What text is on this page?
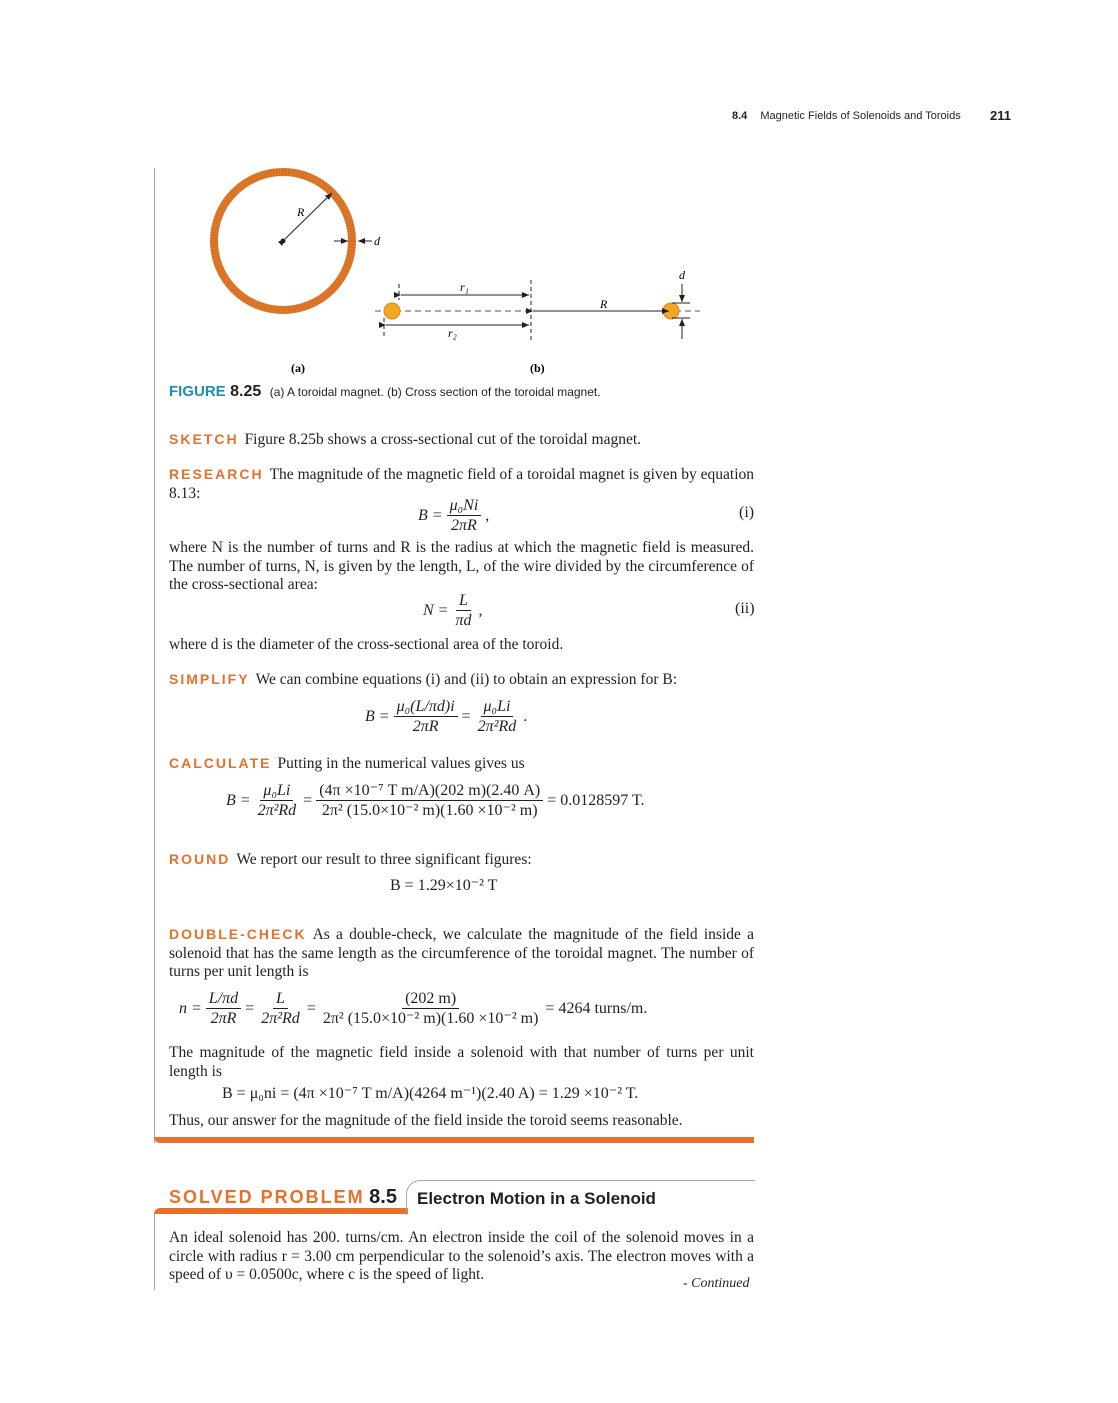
8.4 Magnetic Fields of Solenoids and Toroids 211
R
d
r₁
r₂
R
d
(a)	(b)
FIGURE 8.25 (a) A toroidal magnet. (b) Cross section of the toroidal magnet.
SKETCH Figure 8.25b shows a cross-sectional cut of the toroidal magnet.
RESEARCH The magnitude of the magnetic field of a toroidal magnet is given by equation 8.13:
$B = \frac{\text{μ₀Ni}}{2\pi R}$ ,	(i)
where N is the number of turns and R is the radius at which the magnetic field is measured. The number of turns, N, is given by the length, L, of the wire divided by the circumference of the cross-sectional area:
$N = \frac{L}{\pi d}$ ,	(ii)
where d is the diameter of the cross-sectional area of the toroid.
SIMPLIFY We can combine equations (i) and (ii) to obtain an expression for B:
$B = \frac{\text{μ₀(L/πd)i}}{2\pi R} = \frac{\text{μ₀Li}}{\text{2π²Rd}}$ .
CALCULATE Putting in the numerical values gives us
$B = \frac{\text{μ₀Li}}{\text{2π²Rd}} = \frac{\text{(4π ×10⁻⁷ T m/A)(202 m)(2.40 A)}}{\text{2π² (15.0×10⁻² m)(1.60 ×10⁻² m)}} = 0.0128597$ T.
ROUND We report our result to three significant figures:
B = 1.29×10⁻² T
DOUBLE-CHECK As a double-check, we calculate the magnitude of the field inside a solenoid that has the same length as the circumference of the toroidal magnet. The number of turns per unit length is
$n = \frac{L/\pi d}{2\pi R} = \frac{L}{\text{2π²Rd}} = \frac{(202 m)}{\text{2π² (15.0×10⁻² m)(1.60 ×10⁻² m)}} = 4264$ turns/m.
The magnitude of the magnetic field inside a solenoid with that number of turns per unit length is
B = μ₀ni = (4π ×10⁻⁷ T m/A)(4264 m⁻¹)(2.40 A) = 1.29 ×10⁻² T.
Thus, our answer for the magnitude of the field inside the toroid seems reasonable.
SOLVED PROBLEM 8.5 Electron Motion in a Solenoid
An ideal solenoid has 200. turns/cm. An electron inside the coil of the solenoid moves in a circle with radius r = 3.00 cm perpendicular to the solenoid’s axis. The electron moves with a speed of υ = 0.0500c, where c is the speed of light.
- Continued
